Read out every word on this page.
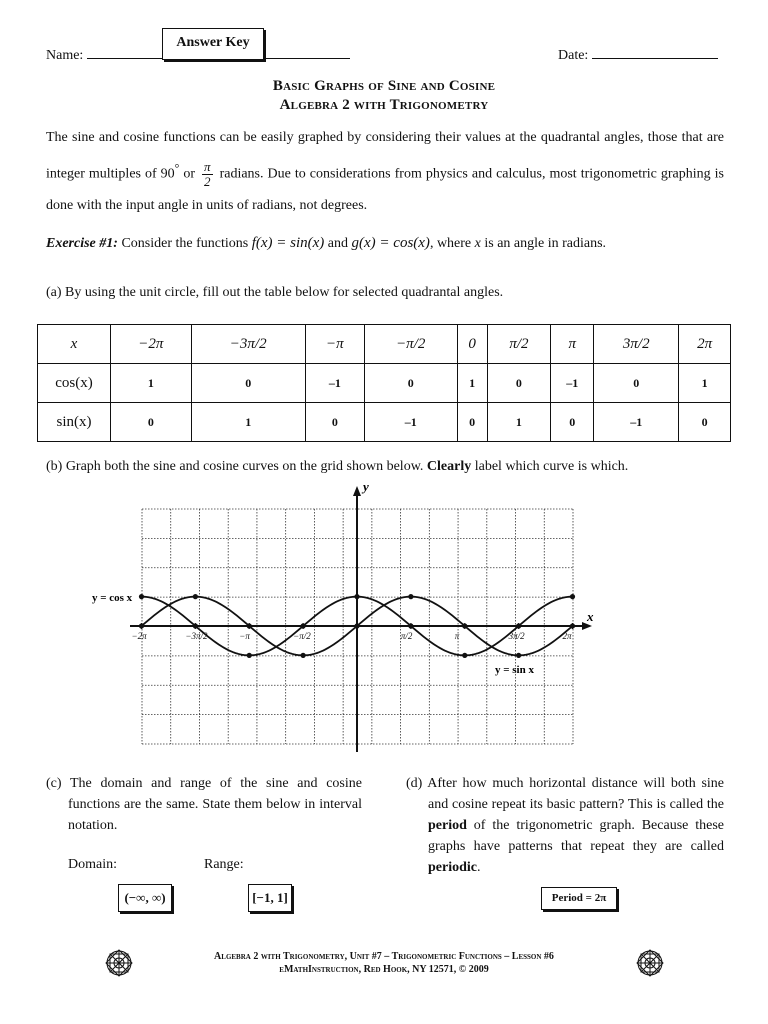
Name:
Answer Key
Date:
Basic Graphs of Sine and Cosine
Algebra 2 with Trigonometry
The sine and cosine functions can be easily graphed by considering their values at the quadrantal angles, those that are integer multiples of 90° or $\frac{\pi}{2}$ radians. Due to considerations from physics and calculus, most trigonometric graphing is done with the input angle in units of radians, not degrees.
Exercise #1: Consider the functions f(x) = sin(x) and g(x) = cos(x), where x is an angle in radians.
(a) By using the unit circle, fill out the table below for selected quadrantal angles.
x	−2π	−3π/2	−π	−π/2	0	π/2	π	3π/2	2π
cos(x)	1	0	–1	0	1	0	–1	0	1
sin(x)	0	1	0	–1	0	1	0	–1	0
(b) Graph both the sine and cosine curves on the grid shown below. Clearly label which curve is which.
−2π	−3π/2	−π	−π/2	π/2	π	3π/2	2π
y
x
y = cos x
y = sin x
(c) The domain and range of the sine and cosine functions are the same. State them below in interval notation.
Domain:	Range:
(−∞, ∞)	[−1, 1]
(d) After how much horizontal distance will both sine and cosine repeat its basic pattern? This is called the period of the trigonometric graph. Because these graphs have patterns that repeat they are called periodic.
Period = 2π
Algebra 2 with Trigonometry, Unit #7 – Trigonometric Functions – Lesson #6
eMathInstruction, Red Hook, NY 12571, © 2009
